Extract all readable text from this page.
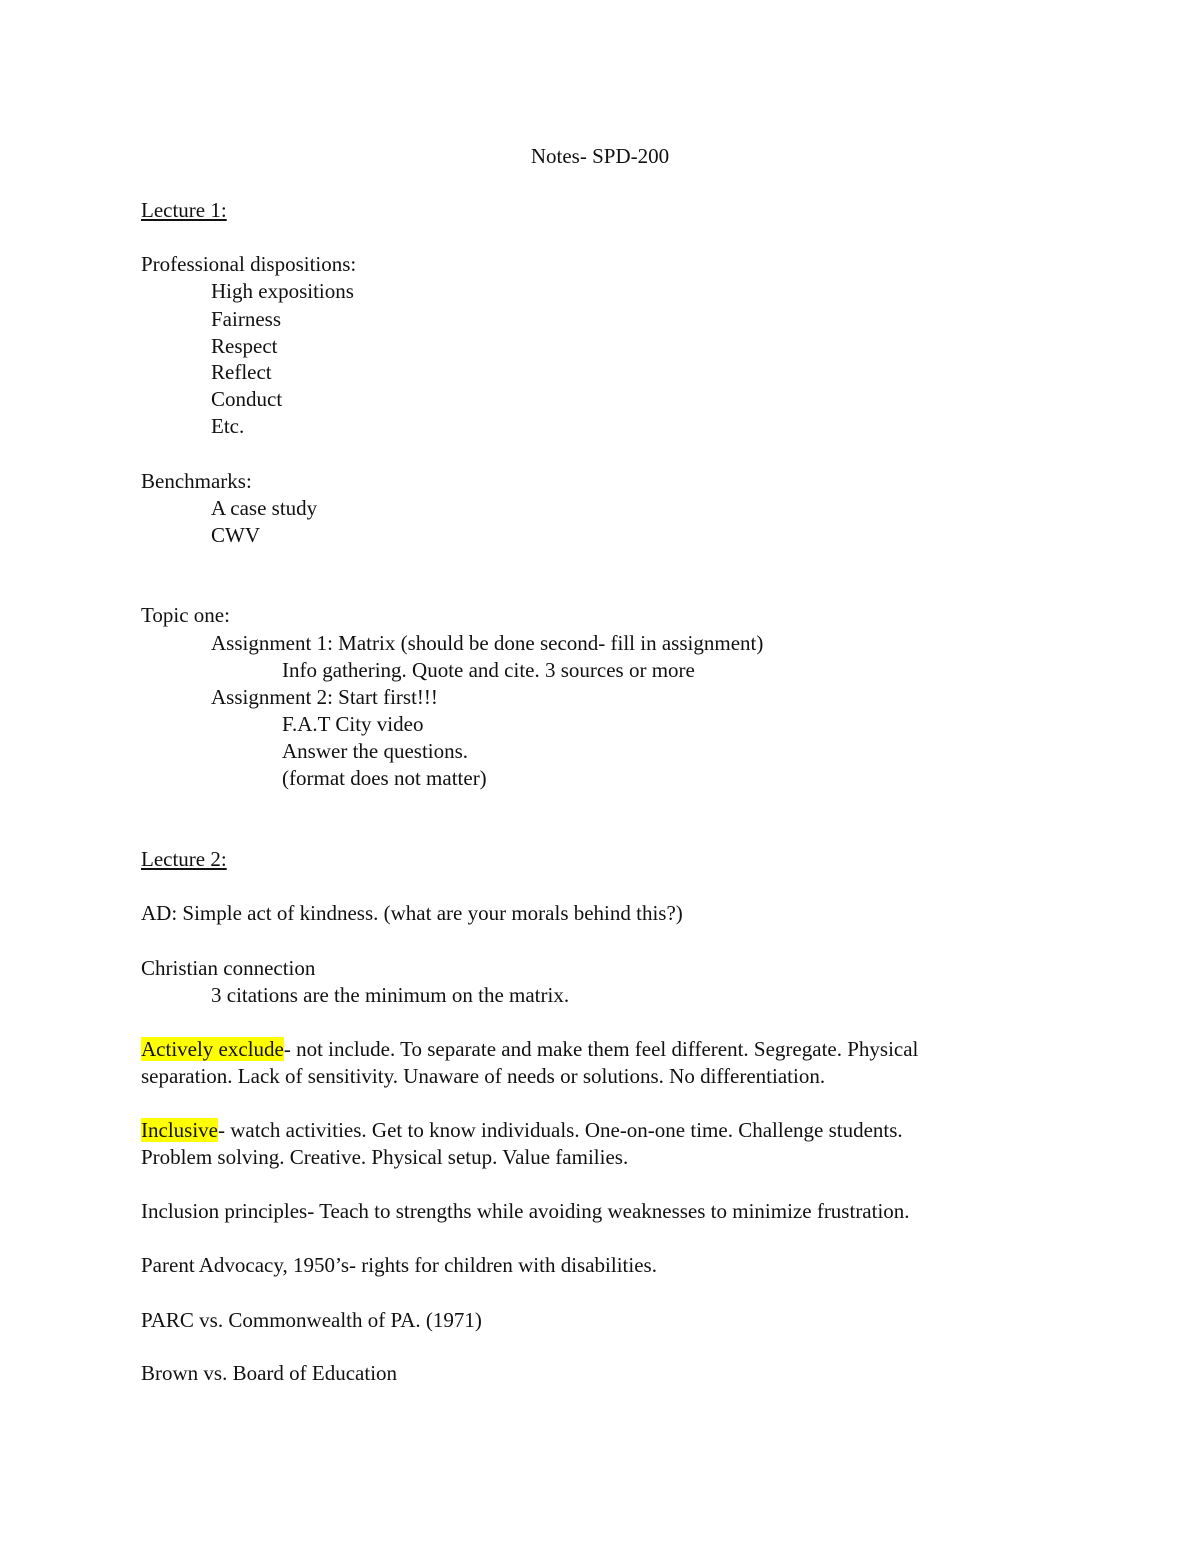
Notes- SPD-200
Lecture 1:
Professional dispositions:
High expositions
Fairness
Respect
Reflect
Conduct
Etc.
Benchmarks:
A case study
CWV
Topic one:
Assignment 1: Matrix (should be done second- fill in assignment)
Info gathering. Quote and cite. 3 sources or more
Assignment 2: Start first!!!
F.A.T City video
Answer the questions.
(format does not matter)
Lecture 2:
AD: Simple act of kindness. (what are your morals behind this?)
Christian connection
3 citations are the minimum on the matrix.
Actively exclude- not include. To separate and make them feel different. Segregate. Physical
separation. Lack of sensitivity. Unaware of needs or solutions. No differentiation.
Inclusive- watch activities. Get to know individuals. One-on-one time. Challenge students.
Problem solving. Creative. Physical setup. Value families.
Inclusion principles- Teach to strengths while avoiding weaknesses to minimize frustration.
Parent Advocacy, 1950’s- rights for children with disabilities.
PARC vs. Commonwealth of PA. (1971)
Brown vs. Board of Education
